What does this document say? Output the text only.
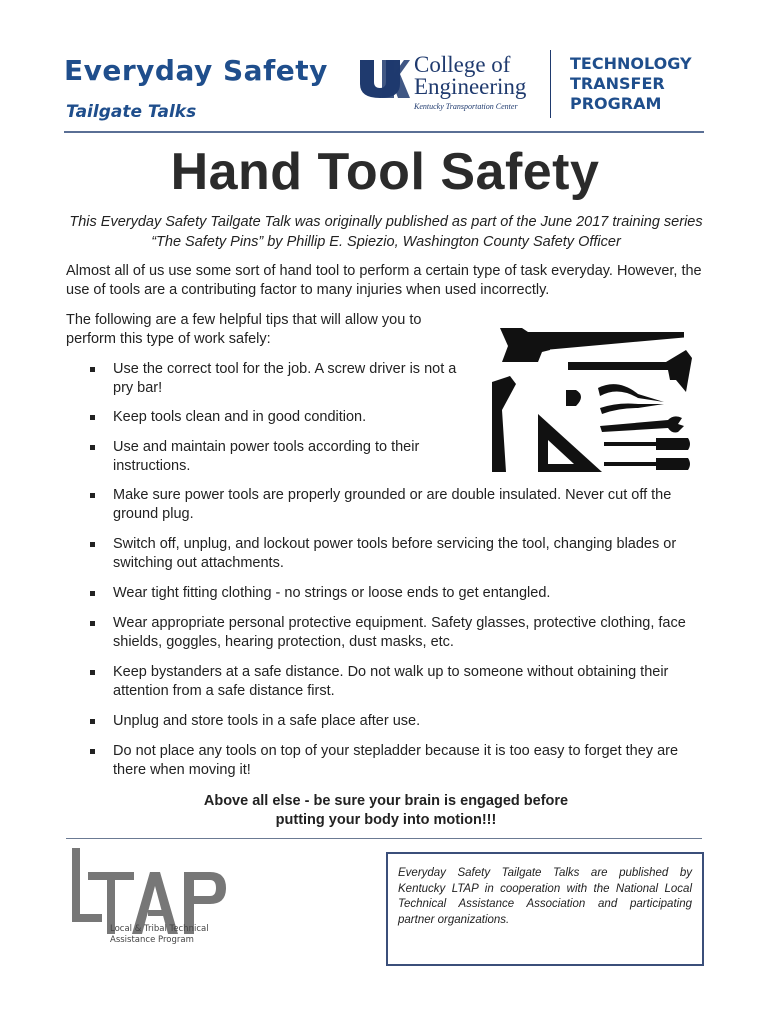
Everyday Safety
Tailgate Talks
College of
Engineering
Kentucky Transportation Center
TECHNOLOGY
TRANSFER
PROGRAM
Hand Tool Safety
This Everyday Safety Tailgate Talk was originally published as part of the June 2017 training series “The Safety Pins” by Phillip E. Spiezio, Washington County Safety Officer
Almost all of us use some sort of hand tool to perform a certain type of task everyday. However, the use of tools are a contributing factor to many injuries when used incorrectly.
The following are a few helpful tips that will allow you to perform this type of work safely:
Use the correct tool for the job. A screw driver is not a pry bar!
Keep tools clean and in good condition.
Use and maintain power tools according to their instructions.
Make sure power tools are properly grounded or are double insulated. Never cut off the ground plug.
Switch off, unplug, and lockout power tools before servicing the tool, changing blades or switching out attachments.
Wear tight fitting clothing - no strings or loose ends to get entangled.
Wear appropriate personal protective equipment. Safety glasses, protective clothing, face shields, goggles, hearing protection, dust masks, etc.
Keep bystanders at a safe distance. Do not walk up to someone without obtaining their attention from a safe distance first.
Unplug and store tools in a safe place after use.
Do not place any tools on top of your stepladder because it is too easy to forget they are there when moving it!
Above all else - be sure your brain is engaged before
putting your body into motion!!!
Local & Tribal Technical
Assistance Program
Everyday Safety Tailgate Talks are published by Kentucky LTAP in cooperation with the National Local Technical Assistance Association and participating partner organizations.
